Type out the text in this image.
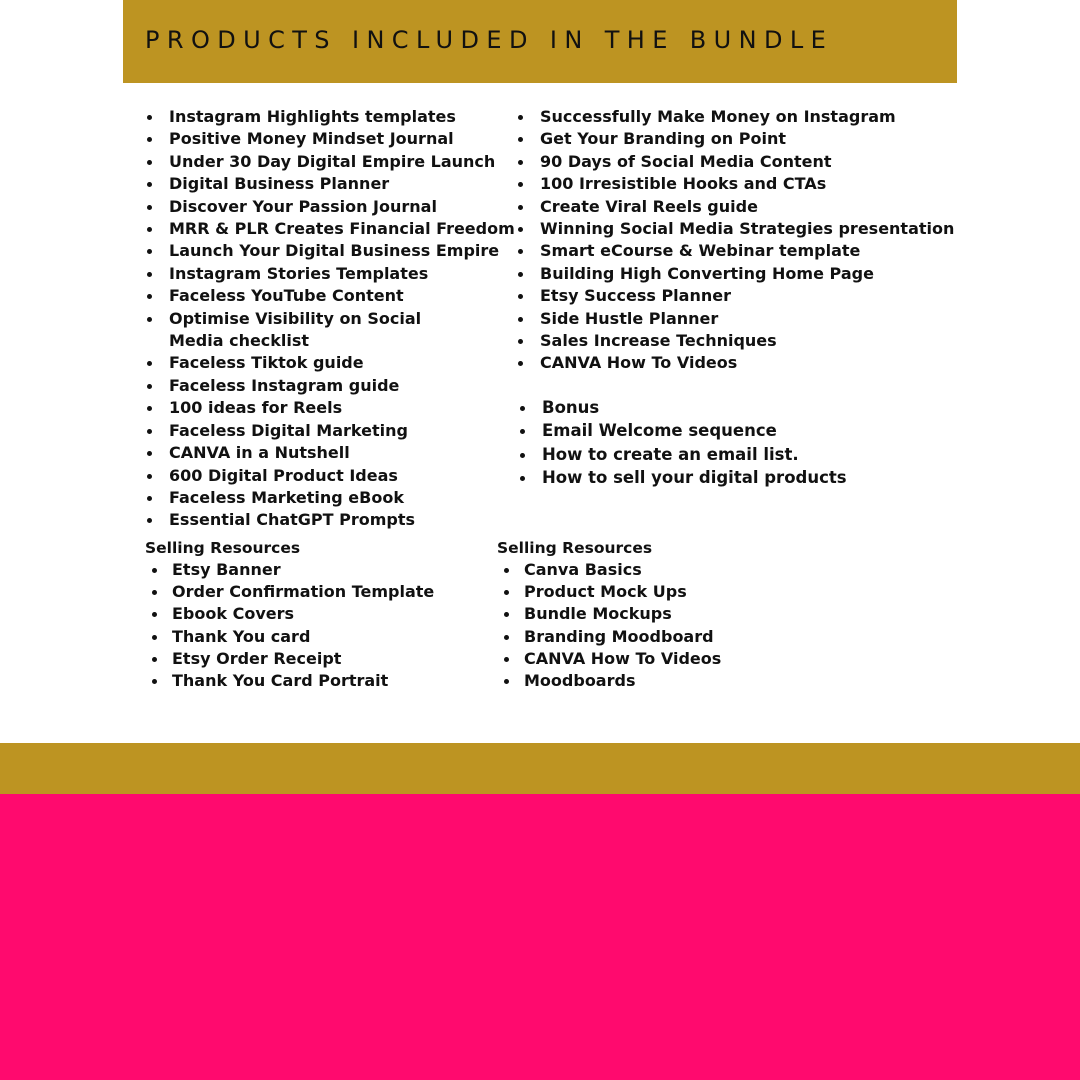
PRODUCTS INCLUDED IN THE BUNDLE
Instagram Highlights templates
Positive Money Mindset Journal
Under 30 Day Digital Empire Launch
Digital Business Planner
Discover Your Passion Journal
MRR & PLR Creates Financial Freedom
Launch Your Digital Business Empire
Instagram Stories Templates
Faceless YouTube Content
Optimise Visibility on Social Media checklist
Faceless Tiktok guide
Faceless Instagram guide
100 ideas for Reels
Faceless Digital Marketing
CANVA in a Nutshell
600 Digital Product Ideas
Faceless Marketing eBook
Essential ChatGPT Prompts
Successfully Make Money on Instagram
Get Your Branding on Point
90 Days of Social Media Content
100 Irresistible Hooks and CTAs
Create Viral Reels guide
Winning Social Media Strategies presentation
Smart eCourse & Webinar template
Building High Converting Home Page
Etsy Success Planner
Side Hustle Planner
Sales Increase Techniques
CANVA How To Videos
Bonus
Email Welcome sequence
How to create an email list.
How to sell your digital products

Selling Resources

Etsy Banner
Order Confirmation Template
Ebook Covers
Thank You card
Etsy Order Receipt
Thank You Card Portrait

Selling Resources

Canva Basics
Product Mock Ups
Bundle Mockups
Branding Moodboard
CANVA How To Videos
Moodboards
